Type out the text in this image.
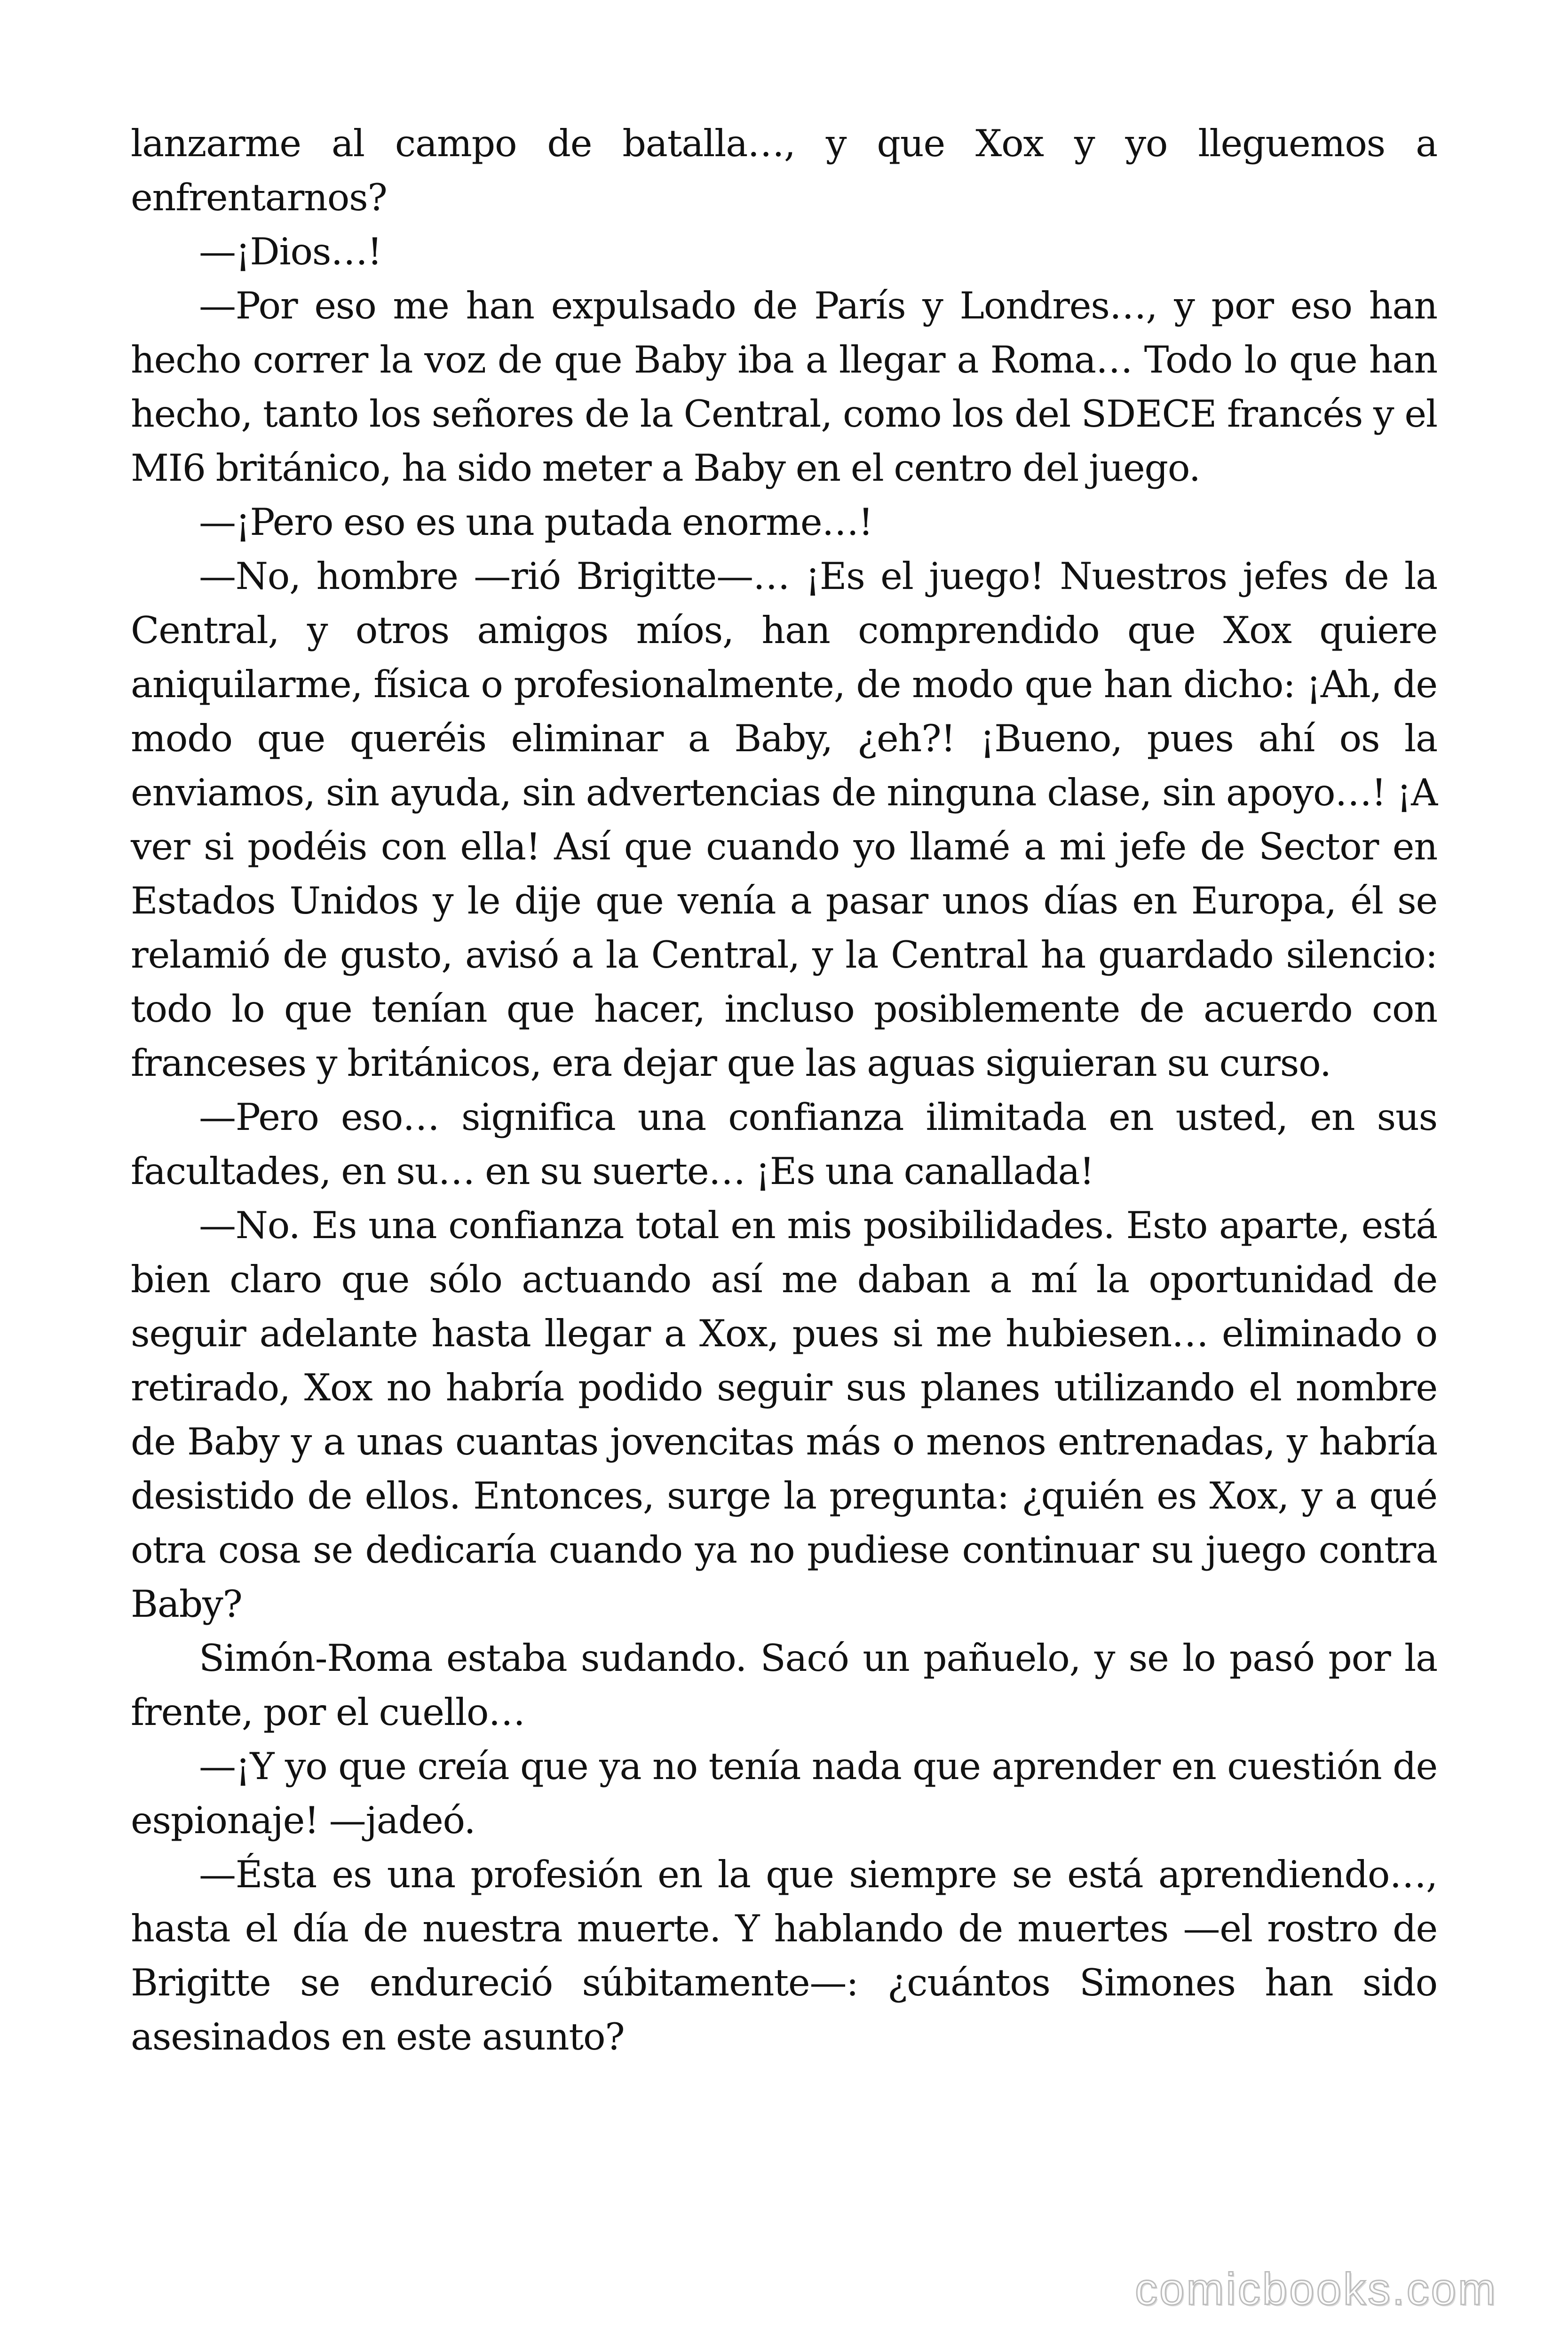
lanzarme al campo de batalla…, y que Xox y yo lleguemos a enfrentarnos?

—¡Dios…!

—Por eso me han expulsado de París y Londres…, y por eso han hecho correr la voz de que Baby iba a llegar a Roma… Todo lo que han hecho, tanto los señores de la Central, como los del SDECE francés y el MI6 británico, ha sido meter a Baby en el centro del juego.

—¡Pero eso es una putada enorme…!

—No, hombre —rió Brigitte—… ¡Es el juego! Nuestros jefes de la Central, y otros amigos míos, han comprendido que Xox quiere aniquilarme, física o profesionalmente, de modo que han dicho: ¡Ah, de modo que queréis eliminar a Baby, ¿eh?! ¡Bueno, pues ahí os la enviamos, sin ayuda, sin advertencias de ninguna clase, sin apoyo…! ¡A ver si podéis con ella! Así que cuando yo llamé a mi jefe de Sector en Estados Unidos y le dije que venía a pasar unos días en Europa, él se relamió de gusto, avisó a la Central, y la Central ha guardado silencio: todo lo que tenían que hacer, incluso posiblemente de acuerdo con franceses y británicos, era dejar que las aguas siguieran su curso.

—Pero eso… significa una confianza ilimitada en usted, en sus facultades, en su… en su suerte… ¡Es una canallada!

—No. Es una confianza total en mis posibilidades. Esto aparte, está bien claro que sólo actuando así me daban a mí la oportunidad de seguir adelante hasta llegar a Xox, pues si me hubiesen… eliminado o retirado, Xox no habría podido seguir sus planes utilizando el nombre de Baby y a unas cuantas jovencitas más o menos entrenadas, y habría desistido de ellos. Entonces, surge la pregunta: ¿quién es Xox, y a qué otra cosa se dedicaría cuando ya no pudiese continuar su juego contra Baby?

Simón-Roma estaba sudando. Sacó un pañuelo, y se lo pasó por la frente, por el cuello…

—¡Y yo que creía que ya no tenía nada que aprender en cuestión de espionaje! —jadeó.

—Ésta es una profesión en la que siempre se está aprendiendo…, hasta el día de nuestra muerte. Y hablando de muertes —el rostro de Brigitte se endureció súbitamente—: ¿cuántos Simones han sido asesinados en este asunto?

comicbooks.com
